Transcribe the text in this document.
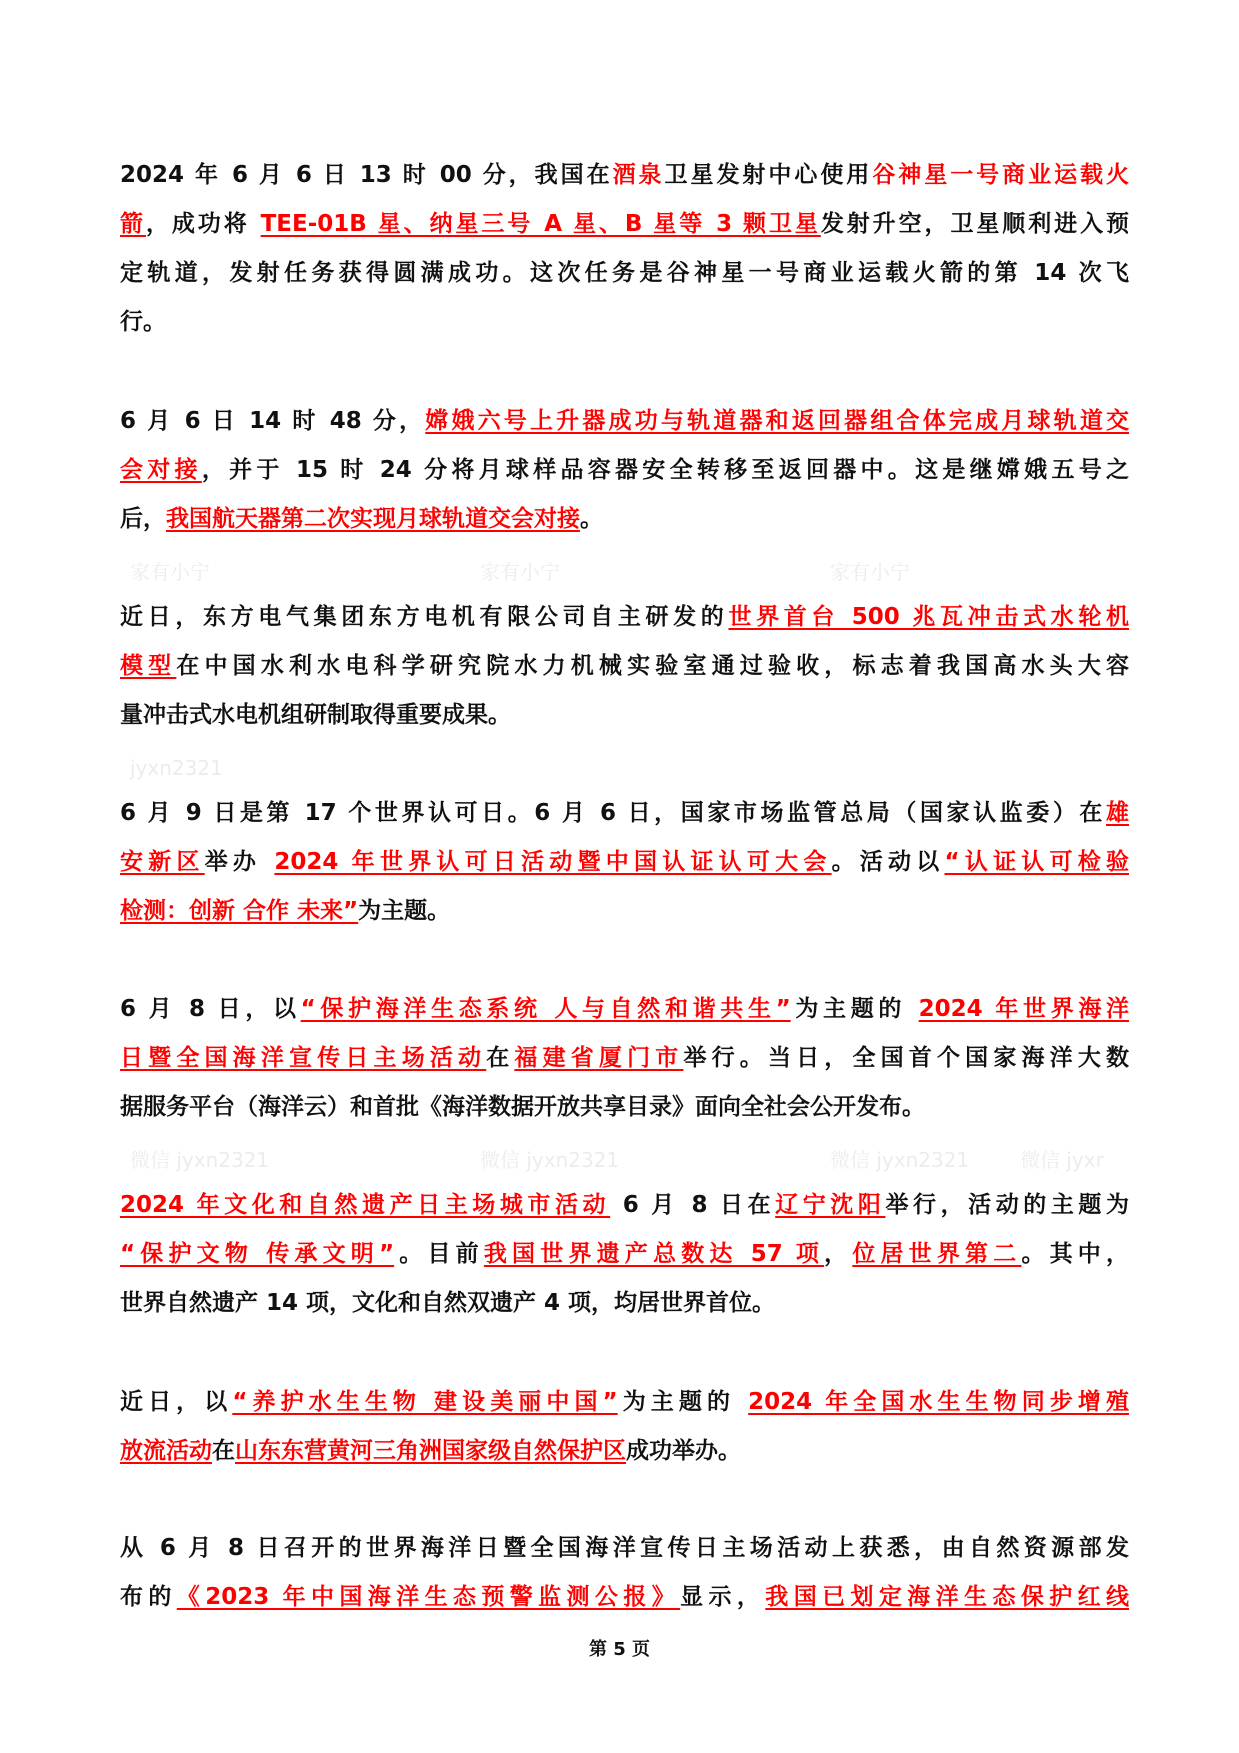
家有小宁	家有小宁	家有小宁
jyxn2321
微信 jyxn2321	微信 jyxn2321	微信 jyxn2321	微信 jyxr
2024 年 6 月 6 日 13 时 00 分，我国在酒泉卫星发射中心使用谷神星一号商业运载火
箭，成功将 TEE-01B 星、纳星三号 A 星、B 星等 3 颗卫星发射升空，卫星顺利进入预
定轨道，发射任务获得圆满成功。这次任务是谷神星一号商业运载火箭的第 14 次飞
行。
6 月 6 日 14 时 48 分，嫦娥六号上升器成功与轨道器和返回器组合体完成月球轨道交
会对接，并于 15 时 24 分将月球样品容器安全转移至返回器中。这是继嫦娥五号之
后，我国航天器第二次实现月球轨道交会对接。
近日，东方电气集团东方电机有限公司自主研发的世界首台 500 兆瓦冲击式水轮机
模型在中国水利水电科学研究院水力机械实验室通过验收，标志着我国高水头大容
量冲击式水电机组研制取得重要成果。
6 月 9 日是第 17 个世界认可日。6 月 6 日，国家市场监管总局（国家认监委）在雄
安新区举办 2024 年世界认可日活动暨中国认证认可大会。活动以“认证认可检验
检测：创新 合作 未来”为主题。
6 月 8 日，以“保护海洋生态系统 人与自然和谐共生”为主题的 2024 年世界海洋
日暨全国海洋宣传日主场活动在福建省厦门市举行。当日，全国首个国家海洋大数
据服务平台（海洋云）和首批《海洋数据开放共享目录》面向全社会公开发布。
2024 年文化和自然遗产日主场城市活动 6 月 8 日在辽宁沈阳举行，活动的主题为
“保护文物 传承文明”。目前我国世界遗产总数达 57 项，位居世界第二。其中，
世界自然遗产 14 项，文化和自然双遗产 4 项，均居世界首位。
近日，以“养护水生生物 建设美丽中国”为主题的 2024 年全国水生生物同步增殖
放流活动在山东东营黄河三角洲国家级自然保护区成功举办。
从 6 月 8 日召开的世界海洋日暨全国海洋宣传日主场活动上获悉，由自然资源部发
布的《2023 年中国海洋生态预警监测公报》显示，我国已划定海洋生态保护红线
第 5 页
